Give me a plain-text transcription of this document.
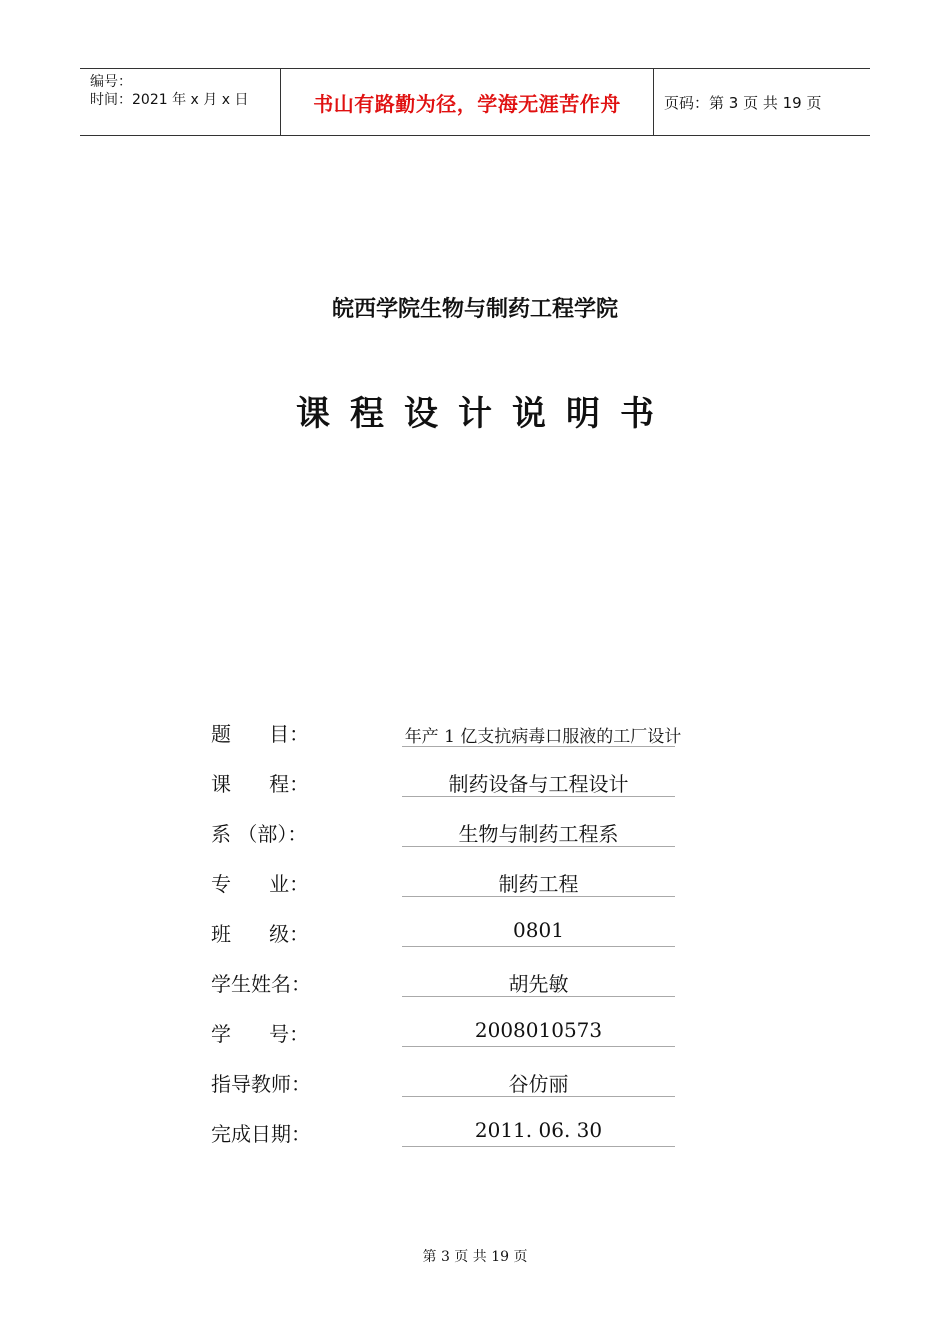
编号：
时间：2021 年 x 月 x 日	书山有路勤为径，学海无涯苦作舟	页码：第 3 页 共 19 页
皖西学院生物与制药工程学院
课程设计说明书
题      目：	年产 1 亿支抗病毒口服液的工厂设计
课      程：	制药设备与工程设计
系 （部）：	生物与制药工程系
专      业：	制药工程
班      级：	0801
学生姓名：	胡先敏
学      号：	2008010573
指导教师：	谷仿丽
完成日期：	2011. 06. 30
第 3 页 共 19 页
